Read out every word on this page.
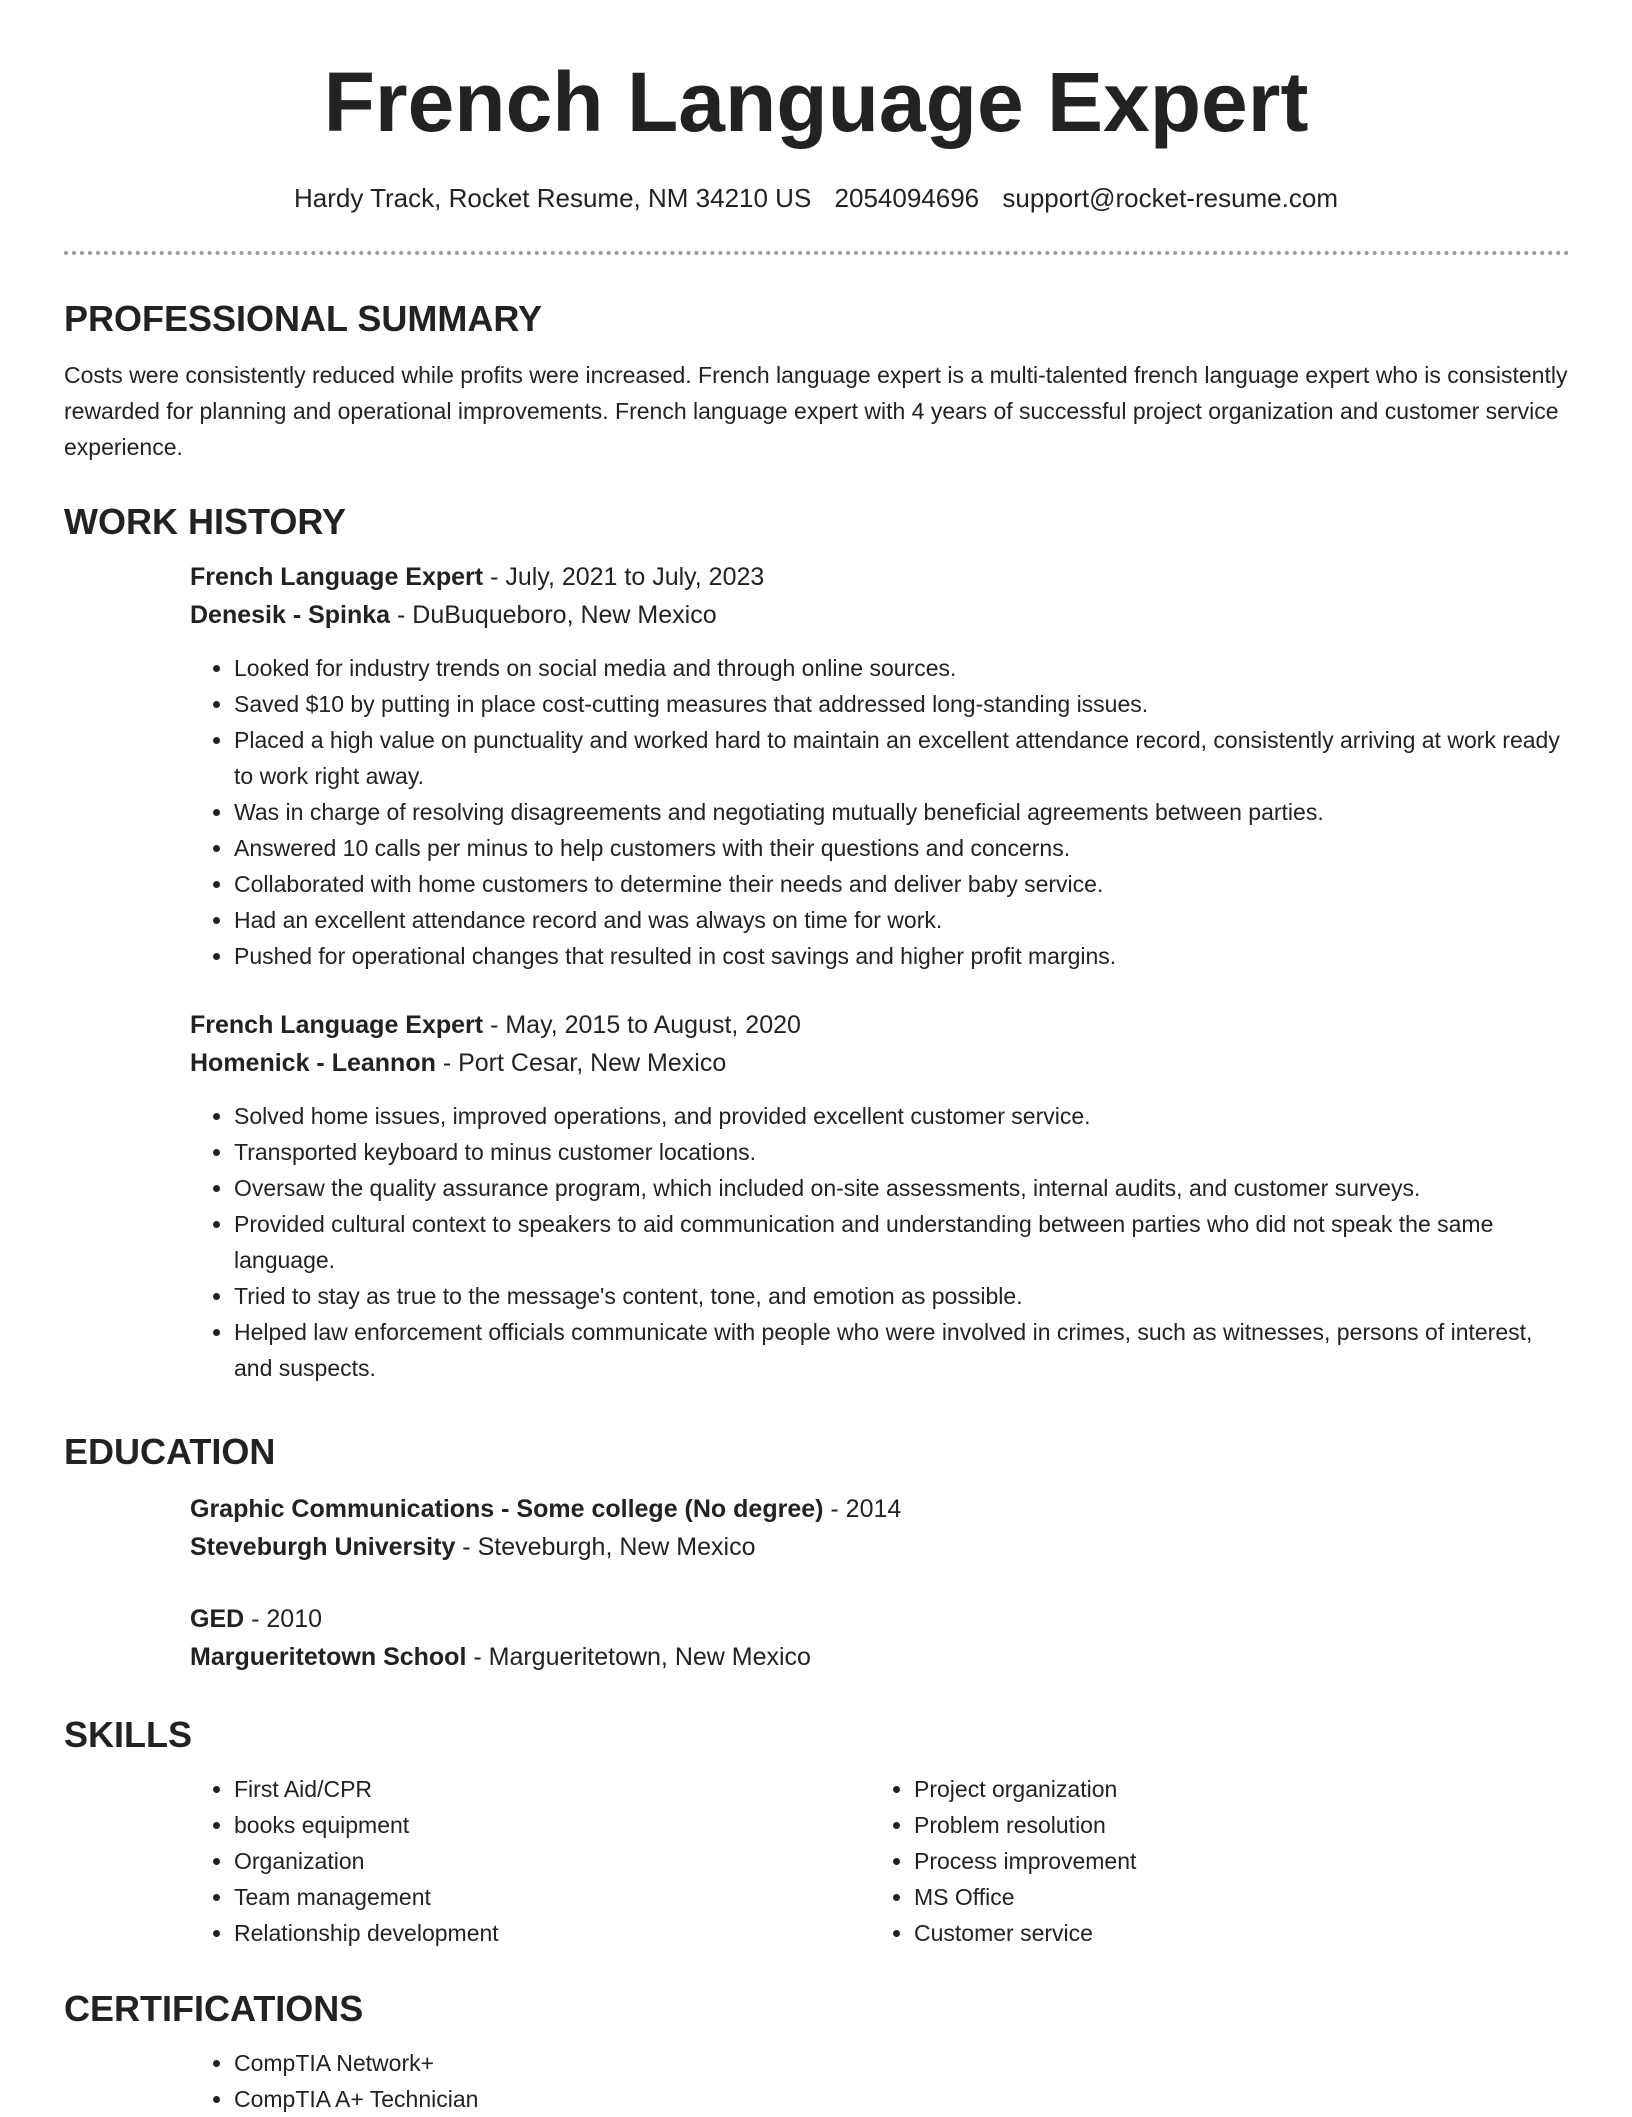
French Language Expert
Hardy Track, Rocket Resume, NM 34210 US 2054094696 support@rocket-resume.com
PROFESSIONAL SUMMARY

Costs were consistently reduced while profits were increased. French language expert is a multi-talented french language expert who is consistently rewarded for planning and operational improvements. French language expert with 4 years of successful project organization and customer service experience.

WORK HISTORY

French Language Expert - July, 2021 to July, 2023

Denesik - Spinka - DuBuqueboro, New Mexico

• Looked for industry trends on social media and through online sources.
• Saved $10 by putting in place cost-cutting measures that addressed long-standing issues.
• Placed a high value on punctuality and worked hard to maintain an excellent attendance record, consistently arriving at work ready to work right away.
• Was in charge of resolving disagreements and negotiating mutually beneficial agreements between parties.
• Answered 10 calls per minus to help customers with their questions and concerns.
• Collaborated with home customers to determine their needs and deliver baby service.
• Had an excellent attendance record and was always on time for work.
• Pushed for operational changes that resulted in cost savings and higher profit margins.

French Language Expert - May, 2015 to August, 2020

Homenick - Leannon - Port Cesar, New Mexico

• Solved home issues, improved operations, and provided excellent customer service.
• Transported keyboard to minus customer locations.
• Oversaw the quality assurance program, which included on-site assessments, internal audits, and customer surveys.
• Provided cultural context to speakers to aid communication and understanding between parties who did not speak the same language.
• Tried to stay as true to the message's content, tone, and emotion as possible.
• Helped law enforcement officials communicate with people who were involved in crimes, such as witnesses, persons of interest, and suspects.
EDUCATION

Graphic Communications - Some college (No degree) - 2014

Steveburgh University - Steveburgh, New Mexico

GED - 2010

Margueritetown School - Margueritetown, New Mexico

SKILLS
• First Aid/CPR
• books equipment
• Organization
• Team management
• Relationship development
• Project organization
• Problem resolution
• Process improvement
• MS Office
• Customer service
CERTIFICATIONS
• CompTIA Network+
• CompTIA A+ Technician
